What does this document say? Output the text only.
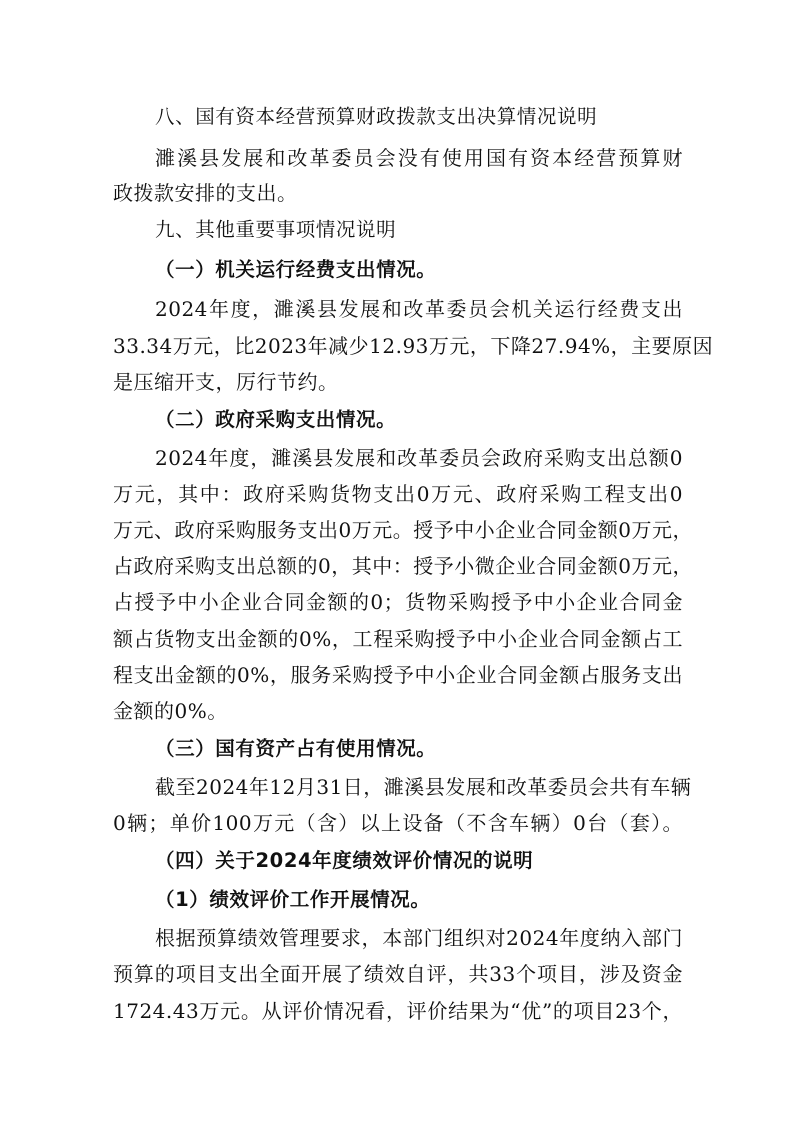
八、国有资本经营预算财政拨款支出决算情况说明
濉溪县发展和改革委员会没有使用国有资本经营预算财
政拨款安排的支出。
九、其他重要事项情况说明
（一）机关运行经费支出情况。
2024年度，濉溪县发展和改革委员会机关运行经费支出
33.34万元，比2023年减少12.93万元，下降27.94%，主要原因
是压缩开支，厉行节约。
（二）政府采购支出情况。
2024年度，濉溪县发展和改革委员会政府采购支出总额0
万元，其中：政府采购货物支出0万元、政府采购工程支出0
万元、政府采购服务支出0万元。授予中小企业合同金额0万元，
占政府采购支出总额的0，其中：授予小微企业合同金额0万元，
占授予中小企业合同金额的0；货物采购授予中小企业合同金
额占货物支出金额的0%，工程采购授予中小企业合同金额占工
程支出金额的0%，服务采购授予中小企业合同金额占服务支出
金额的0%。
（三）国有资产占有使用情况。
截至2024年12月31日，濉溪县发展和改革委员会共有车辆
0辆；单价100万元（含）以上设备（不含车辆）0台（套）。
（四）关于2024年度绩效评价情况的说明
（1）绩效评价工作开展情况。
根据预算绩效管理要求，本部门组织对2024年度纳入部门
预算的项目支出全面开展了绩效自评，共33个项目，涉及资金
1724.43万元。从评价情况看，评价结果为“优”的项目23个，
